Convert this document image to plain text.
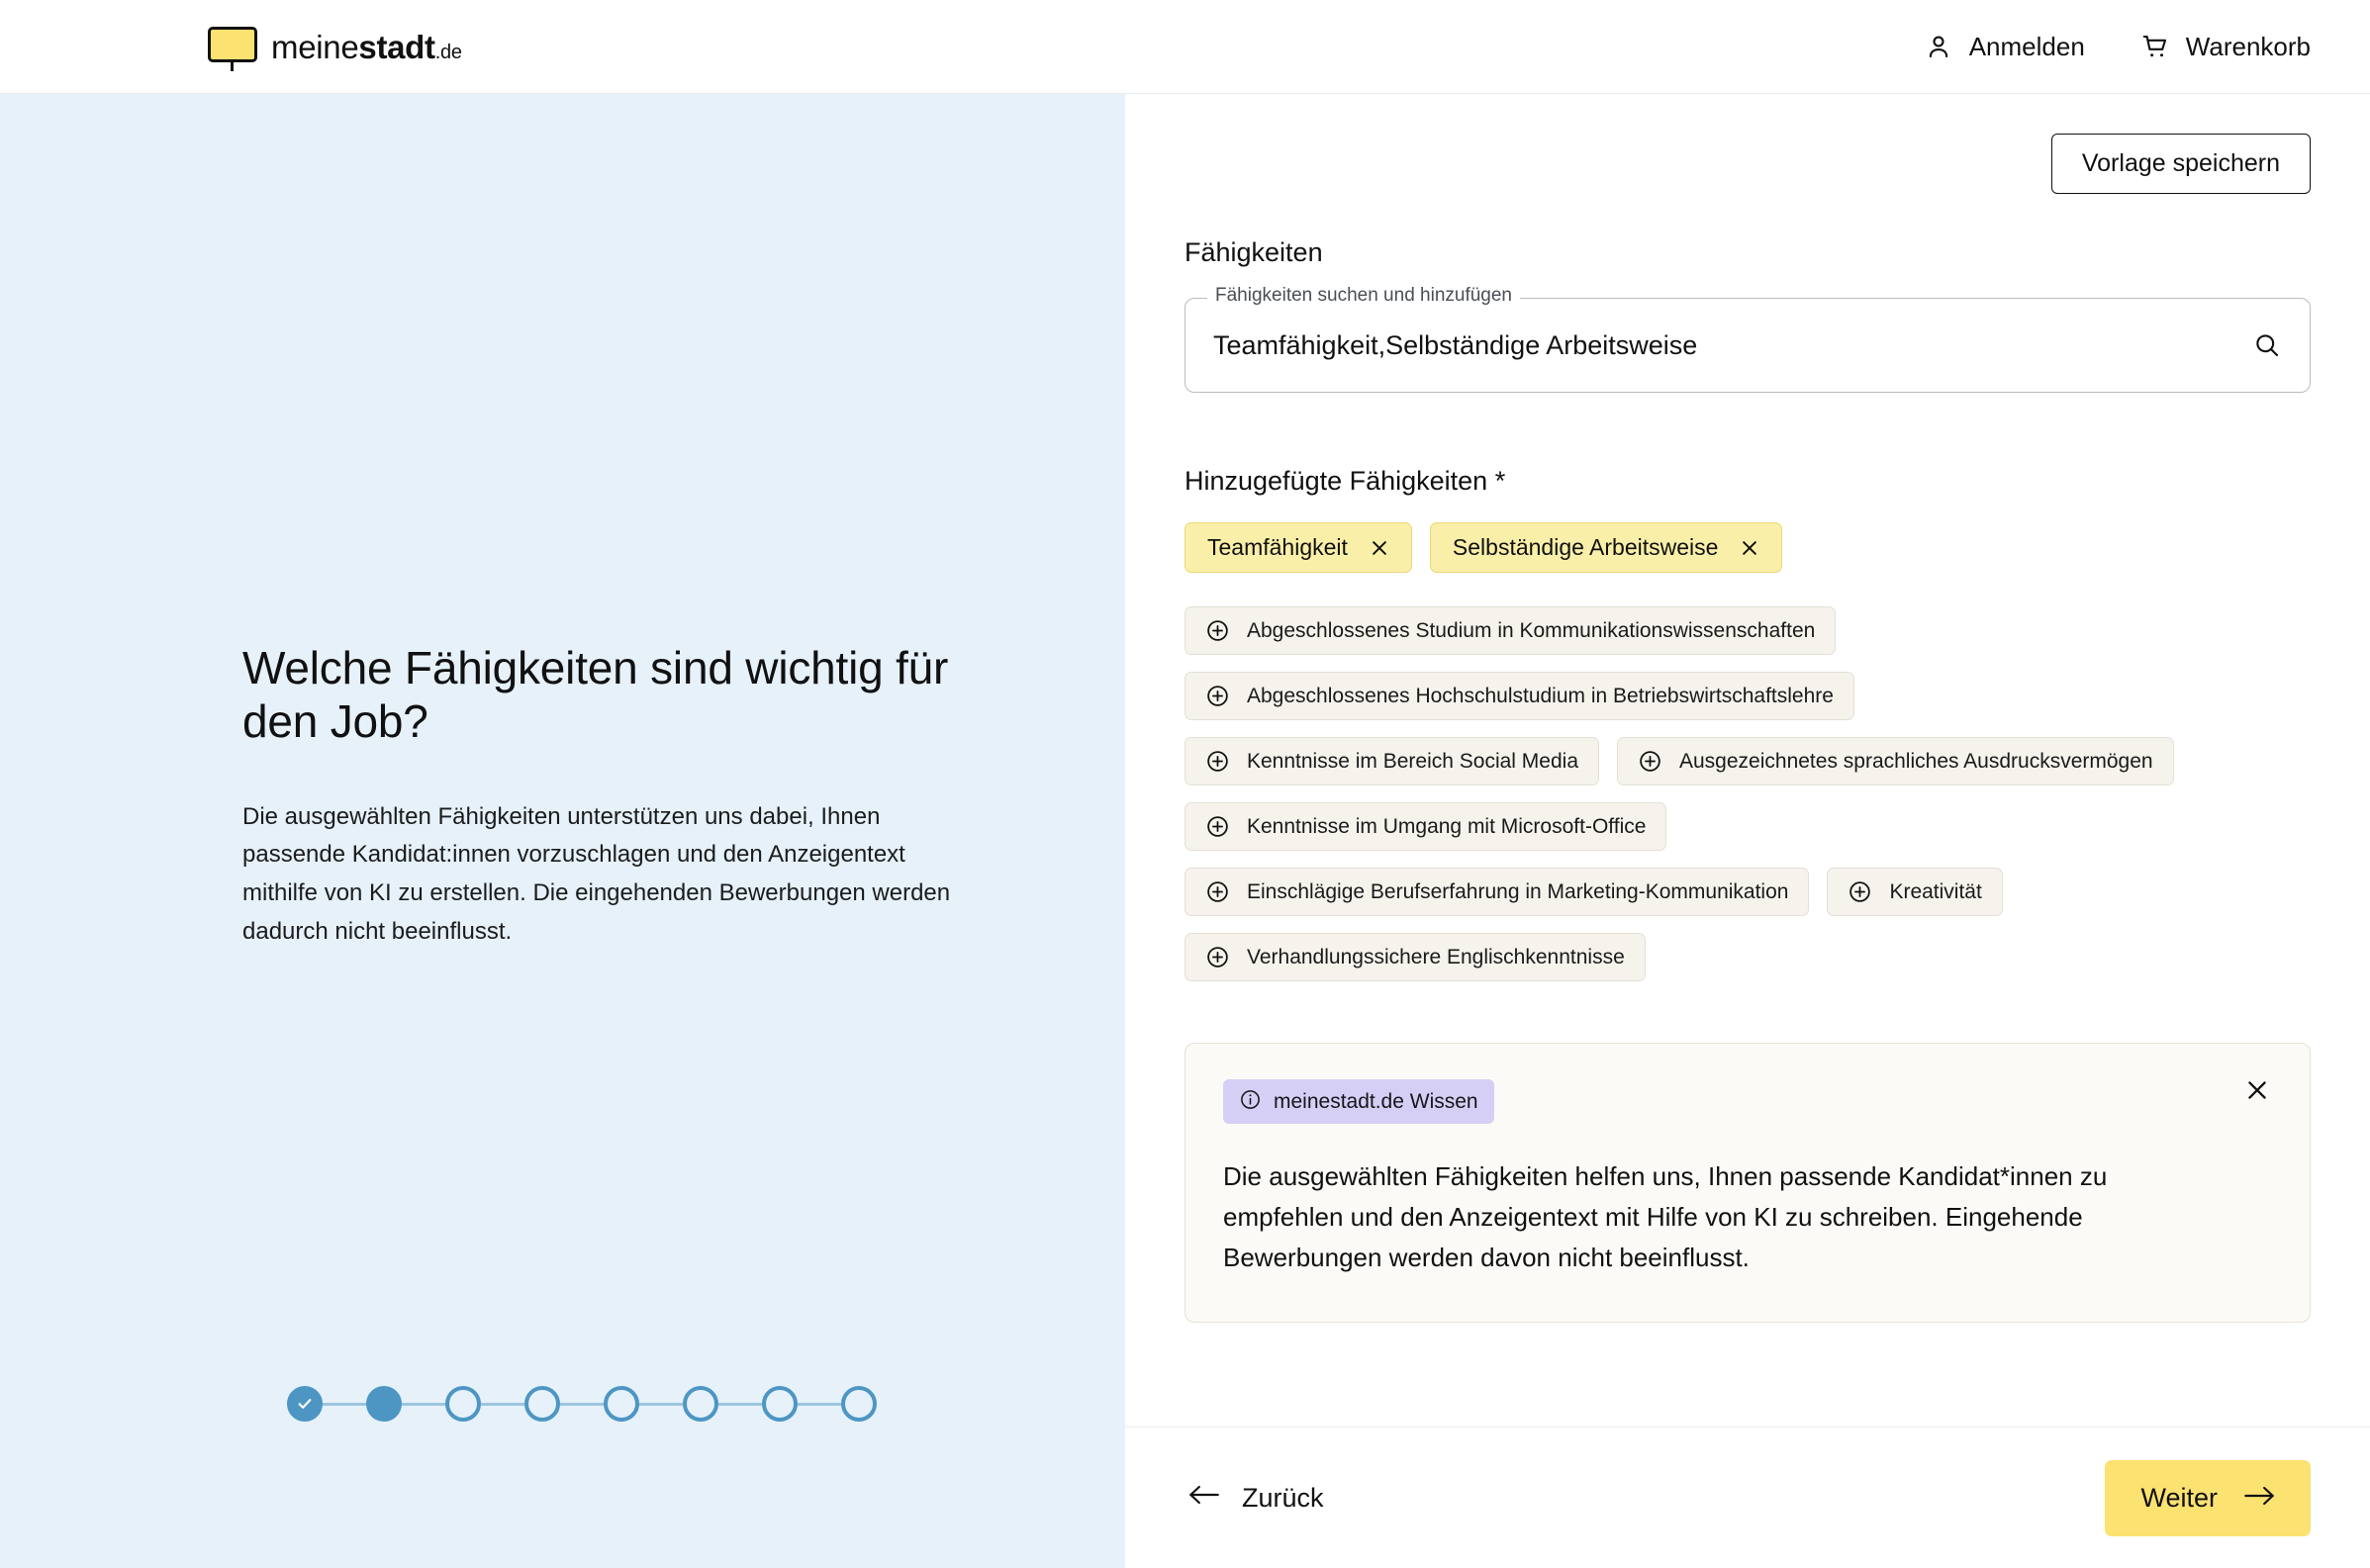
meinestadt.de	Anmelden	Warenkorb
Welche Fähigkeiten sind wichtig für den Job?

Die ausgewählten Fähigkeiten unterstützen uns dabei, Ihnen passende Kandidat:innen vorzuschlagen und den Anzeigentext mithilfe von KI zu erstellen. Die eingehenden Bewerbungen werden dadurch nicht beeinflusst.

Vorlage speichern
Fähigkeiten
Fähigkeiten suchen und hinzufügen
Teamfähigkeit,Selbständige Arbeitsweise
Hinzugefügte Fähigkeiten *
Teamfähigkeit	Selbständige Arbeitsweise
Abgeschlossenes Studium in Kommunikationswissenschaften
Abgeschlossenes Hochschulstudium in Betriebswirtschaftslehre
Kenntnisse im Bereich Social Media	Ausgezeichnetes sprachliches Ausdrucksvermögen
Kenntnisse im Umgang mit Microsoft-Office
Einschlägige Berufserfahrung in Marketing-Kommunikation	Kreativität
Verhandlungssichere Englischkenntnisse
meinestadt.de Wissen

Die ausgewählten Fähigkeiten helfen uns, Ihnen passende Kandidat*innen zu empfehlen und den Anzeigentext mit Hilfe von KI zu schreiben. Eingehende Bewerbungen werden davon nicht beeinflusst.

Zurück	Weiter
